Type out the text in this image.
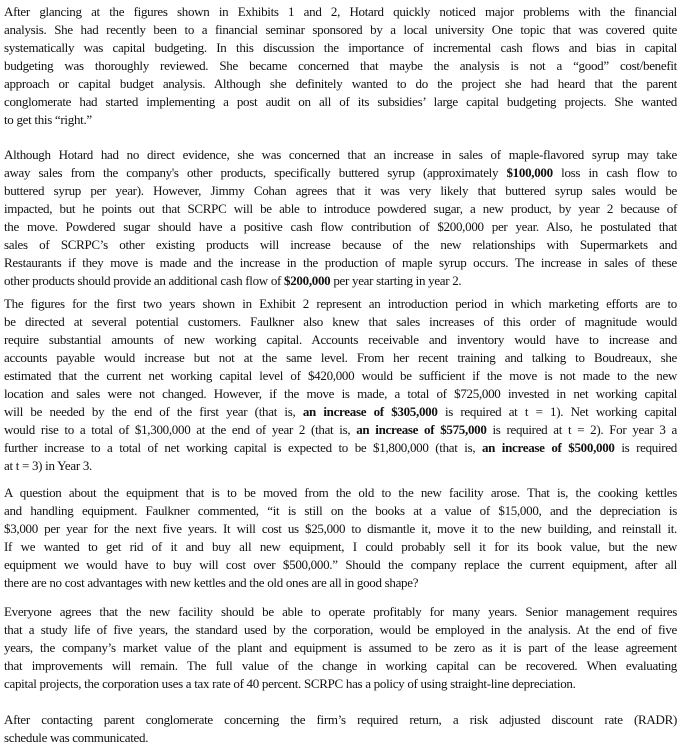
After glancing at the figures shown in Exhibits 1 and 2, Hotard quickly noticed major problems with the financial
analysis. She had recently been to a financial seminar sponsored by a local university One topic that was covered quite
systematically was capital budgeting. In this discussion the importance of incremental cash flows and bias in capital
budgeting was thoroughly reviewed. She became concerned that maybe the analysis is not a “good” cost/benefit
approach or capital budget analysis. Although she definitely wanted to do the project she had heard that the parent
conglomerate had started implementing a post audit on all of its subsidies’ large capital budgeting projects. She wanted
to get this “right.”
Although Hotard had no direct evidence, she was concerned that an increase in sales of maple-flavored syrup may take
away sales from the company's other products, specifically buttered syrup (approximately $100,000 loss in cash flow to
buttered syrup per year). However, Jimmy Cohan agrees that it was very likely that buttered syrup sales would be
impacted, but he points out that SCRPC will be able to introduce powdered sugar, a new product, by year 2 because of
the move. Powdered sugar should have a positive cash flow contribution of $200,000 per year. Also, he postulated that
sales of SCRPC’s other existing products will increase because of the new relationships with Supermarkets and
Restaurants if they move is made and the increase in the production of maple syrup occurs. The increase in sales of these
other products should provide an additional cash flow of $200,000 per year starting in year 2.
The figures for the first two years shown in Exhibit 2 represent an introduction period in which marketing efforts are to
be directed at several potential customers. Faulkner also knew that sales increases of this order of magnitude would
require substantial amounts of new working capital. Accounts receivable and inventory would have to increase and
accounts payable would increase but not at the same level. From her recent training and talking to Boudreaux, she
estimated that the current net working capital level of $420,000 would be sufficient if the move is not made to the new
location and sales were not changed. However, if the move is made, a total of $725,000 invested in net working capital
will be needed by the end of the first year (that is, an increase of $305,000 is required at t = 1). Net working capital
would rise to a total of $1,300,000 at the end of year 2 (that is, an increase of $575,000 is required at t = 2). For year 3 a
further increase to a total of net working capital is expected to be $1,800,000 (that is, an increase of $500,000 is required
at t = 3) in Year 3.
A question about the equipment that is to be moved from the old to the new facility arose. That is, the cooking kettles
and handling equipment. Faulkner commented, “it is still on the books at a value of $15,000, and the depreciation is
$3,000 per year for the next five years. It will cost us $25,000 to dismantle it, move it to the new building, and reinstall it.
If we wanted to get rid of it and buy all new equipment, I could probably sell it for its book value, but the new
equipment we would have to buy will cost over $500,000.” Should the company replace the current equipment, after all
there are no cost advantages with new kettles and the old ones are all in good shape?
Everyone agrees that the new facility should be able to operate profitably for many years. Senior management requires
that a study life of five years, the standard used by the corporation, would be employed in the analysis. At the end of five
years, the company’s market value of the plant and equipment is assumed to be zero as it is part of the lease agreement
that improvements will remain. The full value of the change in working capital can be recovered. When evaluating
capital projects, the corporation uses a tax rate of 40 percent. SCRPC has a policy of using straight-line depreciation.
After contacting parent conglomerate concerning the firm’s required return, a risk adjusted discount rate (RADR)
schedule was communicated.
